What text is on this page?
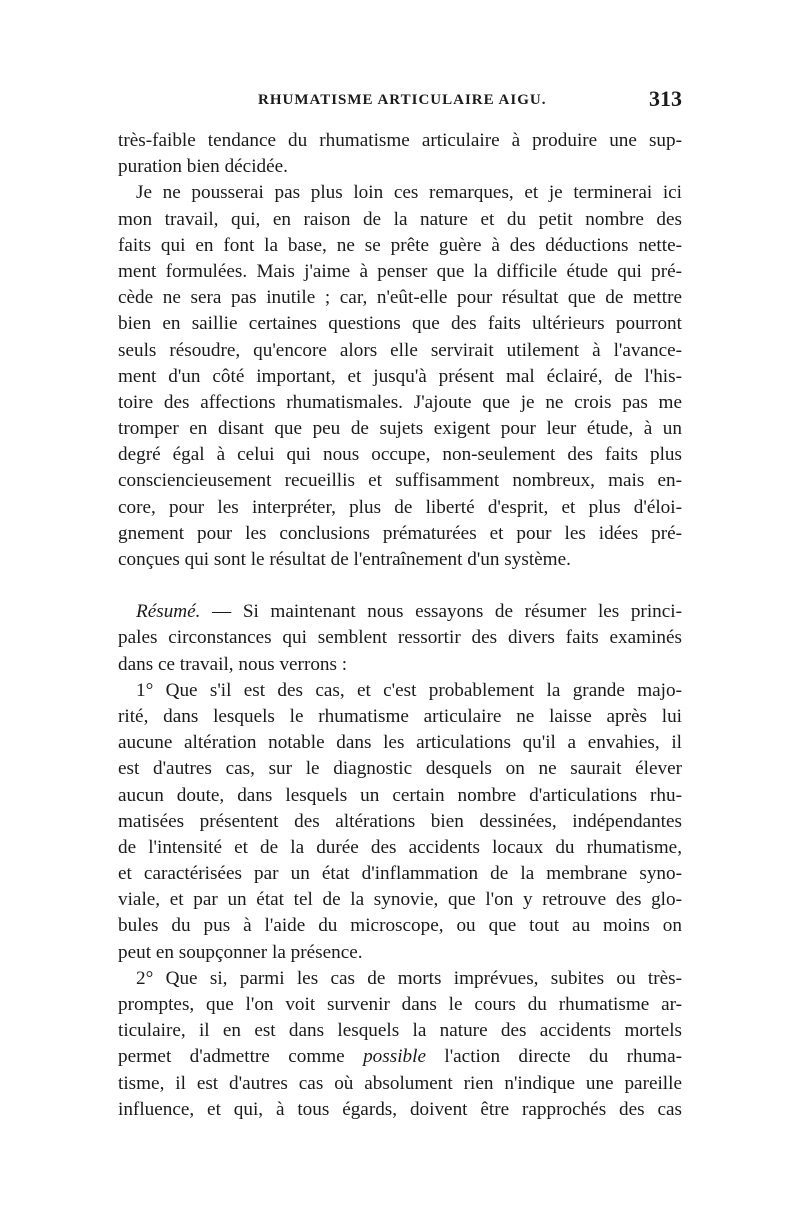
RHUMATISME ARTICULAIRE AIGU.	313
très-faible tendance du rhumatisme articulaire à produire une sup-
puration bien décidée.
Je ne pousserai pas plus loin ces remarques, et je terminerai ici
mon travail, qui, en raison de la nature et du petit nombre des
faits qui en font la base, ne se prête guère à des déductions nette-
ment formulées. Mais j'aime à penser que la difficile étude qui pré-
cède ne sera pas inutile ; car, n'eût-elle pour résultat que de mettre
bien en saillie certaines questions que des faits ultérieurs pourront
seuls résoudre, qu'encore alors elle servirait utilement à l'avance-
ment d'un côté important, et jusqu'à présent mal éclairé, de l'his-
toire des affections rhumatismales. J'ajoute que je ne crois pas me
tromper en disant que peu de sujets exigent pour leur étude, à un
degré égal à celui qui nous occupe, non-seulement des faits plus
consciencieusement recueillis et suffisamment nombreux, mais en-
core, pour les interpréter, plus de liberté d'esprit, et plus d'éloi-
gnement pour les conclusions prématurées et pour les idées pré-
conçues qui sont le résultat de l'entraînement d'un système.
Résumé. — Si maintenant nous essayons de résumer les princi-
pales circonstances qui semblent ressortir des divers faits examinés
dans ce travail, nous verrons :
1° Que s'il est des cas, et c'est probablement la grande majo-
rité, dans lesquels le rhumatisme articulaire ne laisse après lui
aucune altération notable dans les articulations qu'il a envahies, il
est d'autres cas, sur le diagnostic desquels on ne saurait élever
aucun doute, dans lesquels un certain nombre d'articulations rhu-
matisées présentent des altérations bien dessinées, indépendantes
de l'intensité et de la durée des accidents locaux du rhumatisme,
et caractérisées par un état d'inflammation de la membrane syno-
viale, et par un état tel de la synovie, que l'on y retrouve des glo-
bules du pus à l'aide du microscope, ou que tout au moins on
peut en soupçonner la présence.
2° Que si, parmi les cas de morts imprévues, subites ou très-
promptes, que l'on voit survenir dans le cours du rhumatisme ar-
ticulaire, il en est dans lesquels la nature des accidents mortels
permet d'admettre comme possible l'action directe du rhuma-
tisme, il est d'autres cas où absolument rien n'indique une pareille
influence, et qui, à tous égards, doivent être rapprochés des cas
